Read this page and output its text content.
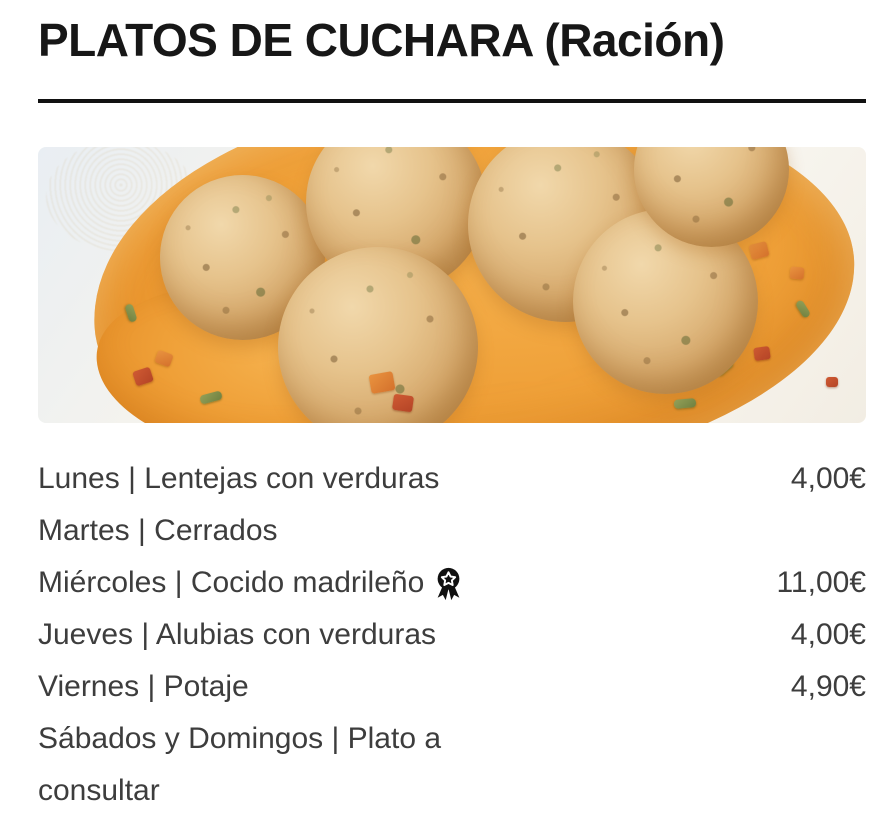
PLATOS DE CUCHARA (Ración)
Lunes | Lentejas con verduras	4,00€
Martes | Cerrados
Miércoles | Cocido madrileño	11,00€
Jueves | Alubias con verduras	4,00€
Viernes | Potaje	4,90€
Sábados y Domingos | Plato a consultar
